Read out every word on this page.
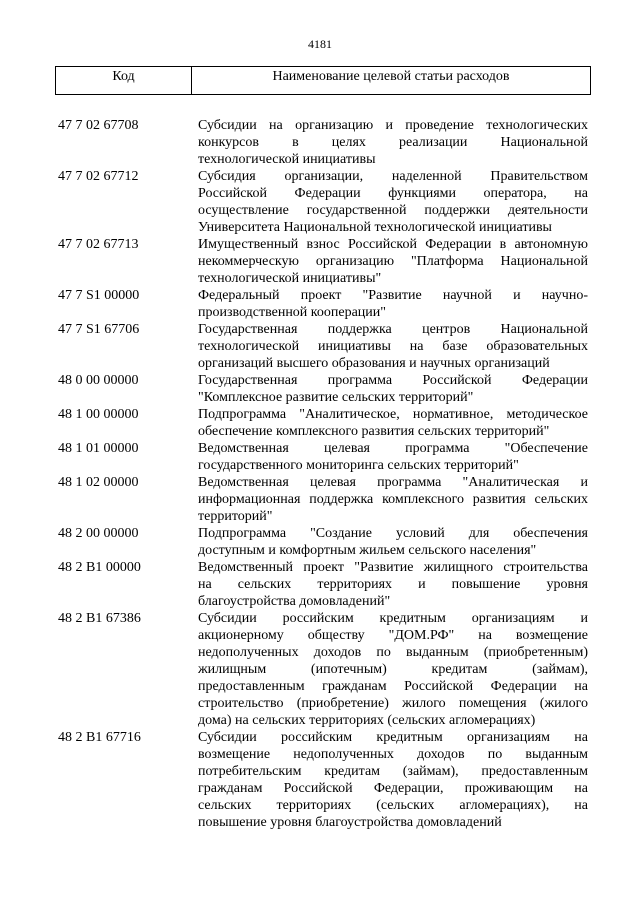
4181
Код	Наименование целевой статьи расходов
47 7 02 67708	Субсидии на организацию и проведение технологических
конкурсов в целях реализации Национальной
технологической инициативы
47 7 02 67712	Субсидия организации, наделенной Правительством
Российской Федерации функциями оператора, на
осуществление государственной поддержки деятельности
Университета Национальной технологической инициативы
47 7 02 67713	Имущественный взнос Российской Федерации в автономную
некоммерческую организацию "Платформа Национальной
технологической инициативы"
47 7 S1 00000	Федеральный проект "Развитие научной и научно-
производственной кооперации"
47 7 S1 67706	Государственная поддержка центров Национальной
технологической инициативы на базе образовательных
организаций высшего образования и научных организаций
48 0 00 00000	Государственная программа Российской Федерации
"Комплексное развитие сельских территорий"
48 1 00 00000	Подпрограмма "Аналитическое, нормативное, методическое
обеспечение комплексного развития сельских территорий"
48 1 01 00000	Ведомственная целевая программа "Обеспечение
государственного мониторинга сельских территорий"
48 1 02 00000	Ведомственная целевая программа "Аналитическая и
информационная поддержка комплексного развития сельских
территорий"
48 2 00 00000	Подпрограмма "Создание условий для обеспечения
доступным и комфортным жильем сельского населения"
48 2 B1 00000	Ведомственный проект "Развитие жилищного строительства
на сельских территориях и повышение уровня
благоустройства домовладений"
48 2 B1 67386	Субсидии российским кредитным организациям и
акционерному обществу "ДОМ.РФ" на возмещение
недополученных доходов по выданным (приобретенным)
жилищным (ипотечным) кредитам (займам),
предоставленным гражданам Российской Федерации на
строительство (приобретение) жилого помещения (жилого
дома) на сельских территориях (сельских агломерациях)
48 2 B1 67716	Субсидии российским кредитным организациям на
возмещение недополученных доходов по выданным
потребительским кредитам (займам), предоставленным
гражданам Российской Федерации, проживающим на
сельских территориях (сельских агломерациях), на
повышение уровня благоустройства домовладений
